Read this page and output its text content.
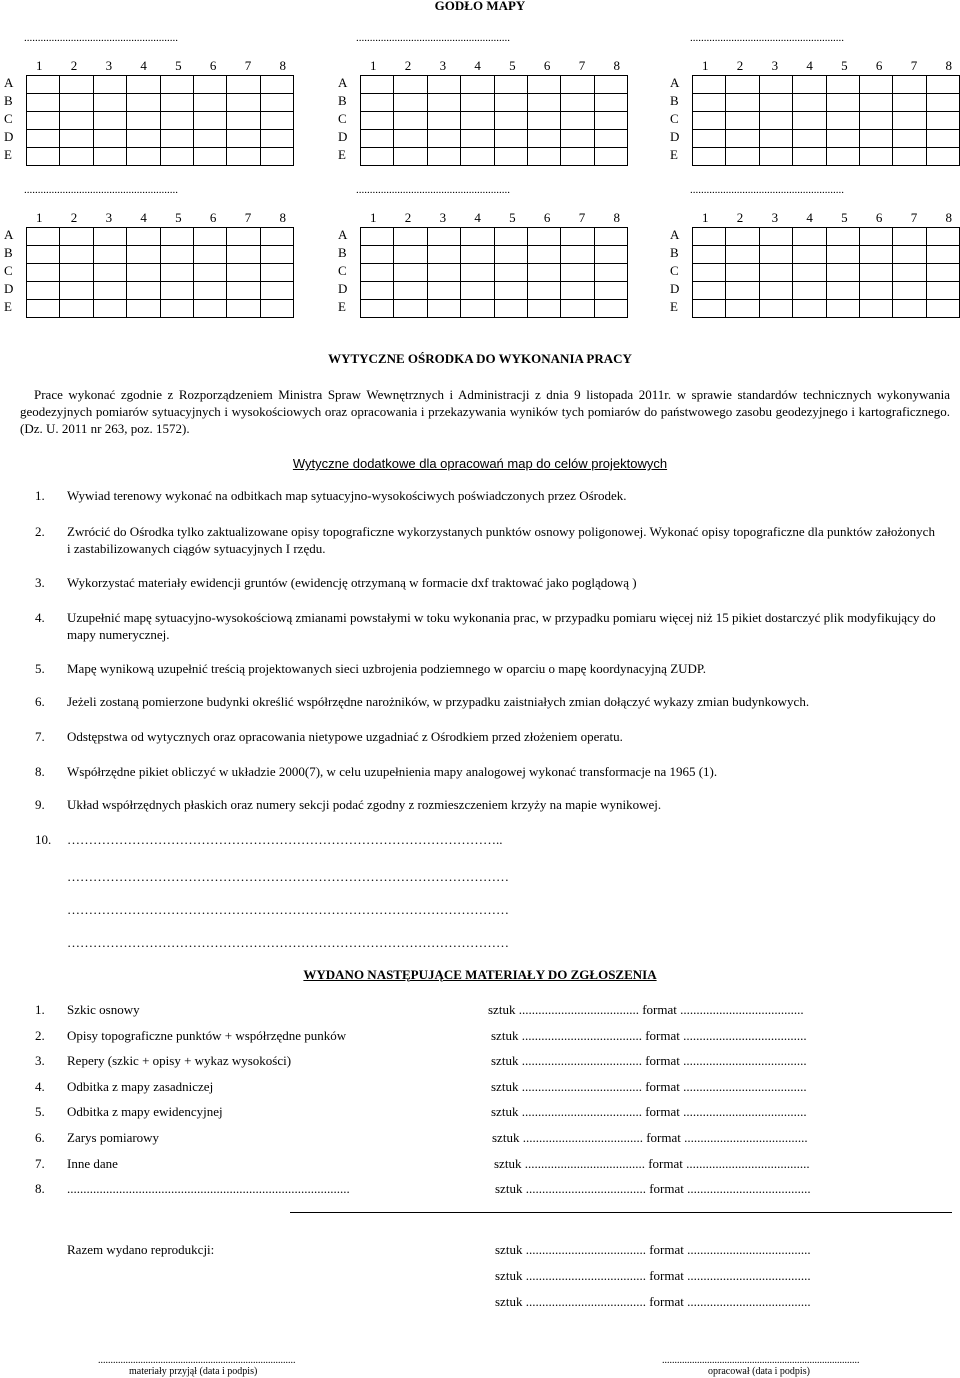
GODŁO MAPY
........................................................
1 2 3 4 5 6 7 8
A
B
C
D
E

........................................................
1 2 3 4 5 6 7 8
A
B
C
D
E

........................................................
1 2 3 4 5 6 7 8
A
B
C
D
E

........................................................
1 2 3 4 5 6 7 8
A
B
C
D
E

........................................................
1 2 3 4 5 6 7 8
A
B
C
D
E

........................................................
1 2 3 4 5 6 7 8
A
B
C
D
E

WYTYCZNE OŚRODKA DO WYKONANIA PRACY
Prace wykonać zgodnie z Rozporządzeniem Ministra Spraw Wewnętrznych i Administracji z dnia 9 listopada 2011r. w sprawie standardów technicznych wykonywania geodezyjnych pomiarów sytuacyjnych i wysokościowych oraz opracowania i przekazywania wyników tych pomiarów do państwowego zasobu geodezyjnego i kartograficznego. (Dz. U. 2011 nr 263, poz. 1572).
Wytyczne dodatkowe dla opracowań map do celów projektowych
1. Wywiad terenowy wykonać na odbitkach map sytuacyjno-wysokościwych poświadczonych przez Ośrodek.
2. Zwrócić do Ośrodka tylko zaktualizowane opisy topograficzne wykorzystanych punktów osnowy poligonowej. Wykonać opisy topograficzne dla punktów założonych i zastabilizowanych ciągów sytuacyjnych I rzędu.
3. Wykorzystać materiały ewidencji gruntów (ewidencję otrzymaną w formacie dxf traktować jako poglądową )
4. Uzupełnić mapę sytuacyjno-wysokościową zmianami powstałymi w toku wykonania prac, w przypadku pomiaru więcej niż 15 pikiet dostarczyć plik modyfikujący do mapy numerycznej.
5. Mapę wynikową uzupełnić treścią projektowanych sieci uzbrojenia podziemnego w oparciu o mapę koordynacyjną ZUDP.
6. Jeżeli zostaną pomierzone budynki określić współrzędne narożników, w przypadku zaistniałych zmian dołączyć wykazy zmian budynkowych.
7. Odstępstwa od wytycznych oraz opracowania nietypowe uzgadniać z Ośrodkiem przed złożeniem operatu.
8. Współrzędne pikiet obliczyć w układzie 2000(7), w celu uzupełnienia mapy analogowej wykonać transformacje na 1965 (1).
9. Układ współrzędnych płaskich oraz numery sekcji podać zgodny z rozmieszczeniem krzyży na mapie wynikowej.
10. ………………………………………………………………………………………..
…………………………………………………………………………………………
…………………………………………………………………………………………
…………………………………………………………………………………………
WYDANO NASTĘPUJĄCE MATERIAŁY DO ZGŁOSZENIA
1. Szkic osnowy	sztuk ..................................... format ......................................
2. Opisy topograficzne punktów + współrzędne punków	sztuk ..................................... format ......................................
3. Repery (szkic + opisy + wykaz wysokości)	sztuk ..................................... format ......................................
4. Odbitka z mapy zasadniczej	sztuk ..................................... format ......................................
5. Odbitka z mapy ewidencyjnej	sztuk ..................................... format ......................................
6. Zarys pomiarowy	sztuk ..................................... format ......................................
7. Inne dane	sztuk ..................................... format ......................................
8. .......................................................................................	sztuk ..................................... format ......................................
Razem wydano reprodukcji:	sztuk ..................................... format ......................................
sztuk ..................................... format ......................................
sztuk ..................................... format ......................................
...............................................................................
materiały przyjął (data i podpis)
...............................................................................
opracował (data i podpis)
